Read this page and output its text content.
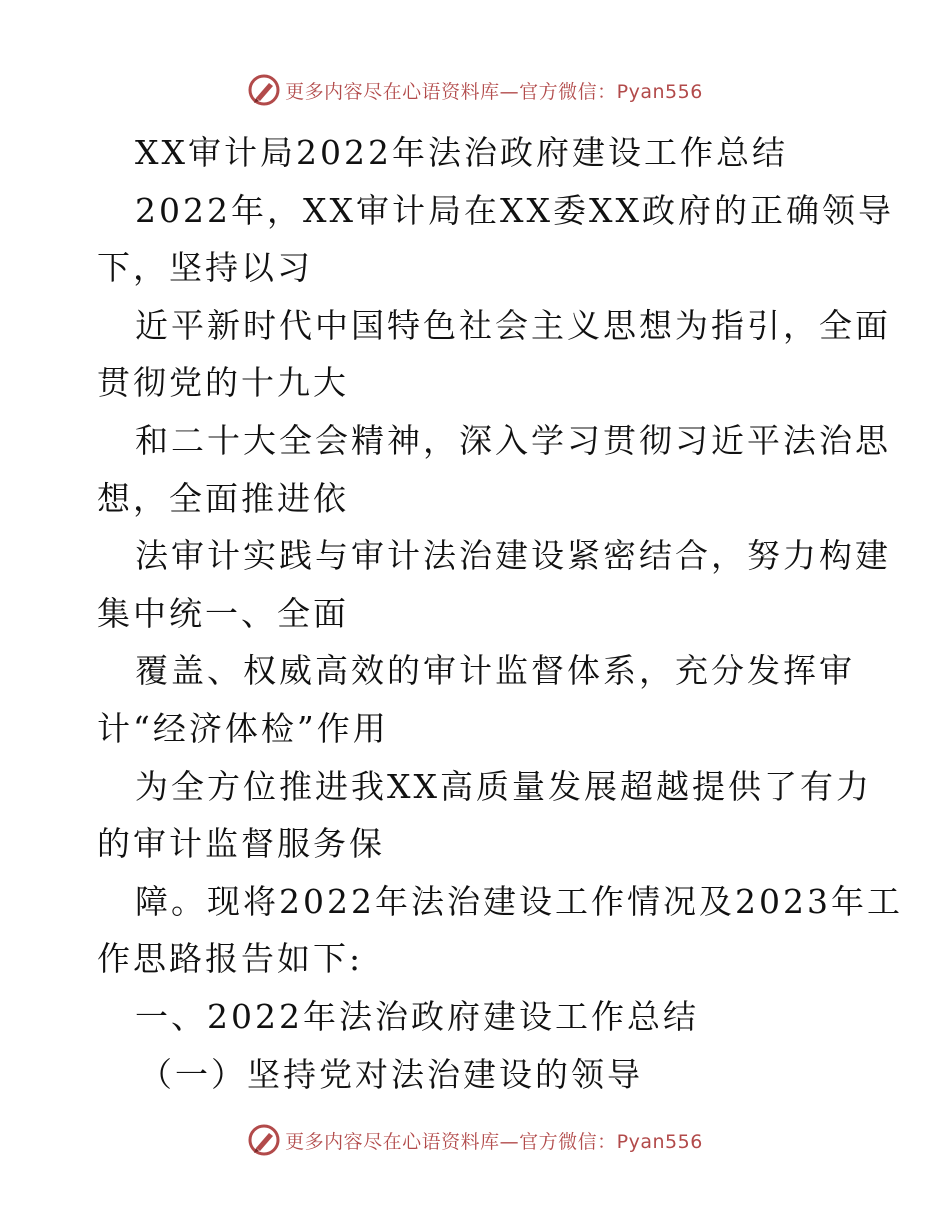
更多内容尽在心语资料库—官方微信：Pyan556
XX审计局2022年法治政府建设工作总结
2022年，XX审计局在XX委XX政府的正确领导
下，坚持以习
近平新时代中国特色社会主义思想为指引，全面
贯彻党的十九大
和二十大全会精神，深入学习贯彻习近平法治思
想，全面推进依
法审计实践与审计法治建设紧密结合，努力构建
集中统一、全面
覆盖、权威高效的审计监督体系，充分发挥审
计“经济体检”作用
为全方位推进我XX高质量发展超越提供了有力
的审计监督服务保
障。现将2022年法治建设工作情况及2023年工
作思路报告如下:
一、2022年法治政府建设工作总结
（一）坚持党对法治建设的领导
更多内容尽在心语资料库—官方微信：Pyan556
